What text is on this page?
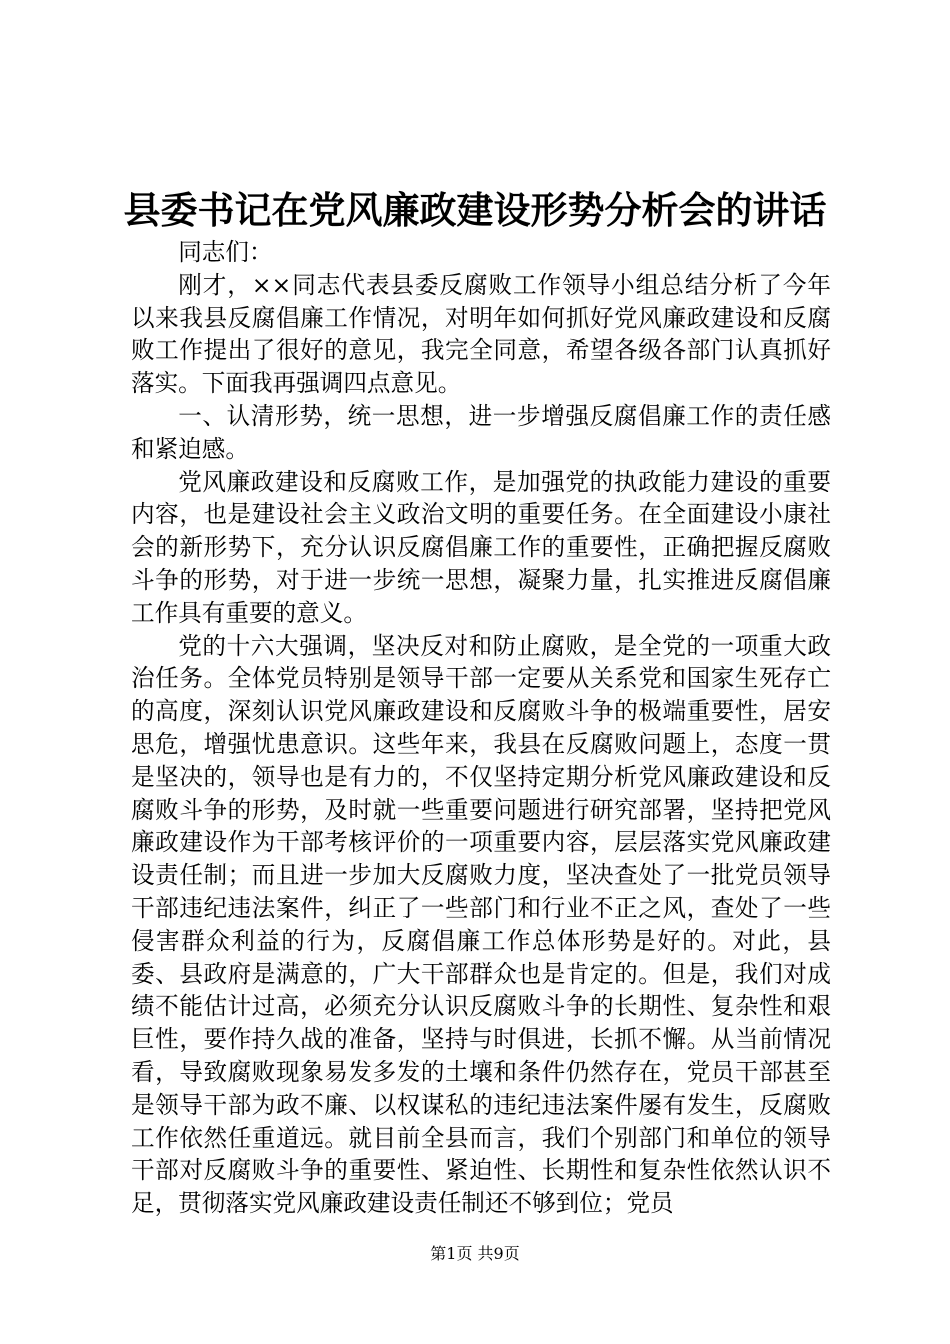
县委书记在党风廉政建设形势分析会的讲话

同志们：

刚才，××同志代表县委反腐败工作领导小组总结分析了今年以来我县反腐倡廉工作情况，对明年如何抓好党风廉政建设和反腐败工作提出了很好的意见，我完全同意，希望各级各部门认真抓好落实。下面我再强调四点意见。

一、认清形势，统一思想，进一步增强反腐倡廉工作的责任感和紧迫感。

党风廉政建设和反腐败工作，是加强党的执政能力建设的重要内容，也是建设社会主义政治文明的重要任务。在全面建设小康社会的新形势下，充分认识反腐倡廉工作的重要性，正确把握反腐败斗争的形势，对于进一步统一思想，凝聚力量，扎实推进反腐倡廉工作具有重要的意义。

党的十六大强调，坚决反对和防止腐败，是全党的一项重大政治任务。全体党员特别是领导干部一定要从关系党和国家生死存亡的高度，深刻认识党风廉政建设和反腐败斗争的极端重要性，居安思危，增强忧患意识。这些年来，我县在反腐败问题上，态度一贯是坚决的，领导也是有力的，不仅坚持定期分析党风廉政建设和反腐败斗争的形势，及时就一些重要问题进行研究部署，坚持把党风廉政建设作为干部考核评价的一项重要内容，层层落实党风廉政建设责任制；而且进一步加大反腐败力度，坚决查处了一批党员领导干部违纪违法案件，纠正了一些部门和行业不正之风，查处了一些侵害群众利益的行为，反腐倡廉工作总体形势是好的。对此，县委、县政府是满意的，广大干部群众也是肯定的。但是，我们对成绩不能估计过高，必须充分认识反腐败斗争的长期性、复杂性和艰巨性，要作持久战的准备，坚持与时俱进，长抓不懈。从当前情况看，导致腐败现象易发多发的土壤和条件仍然存在，党员干部甚至是领导干部为政不廉、以权谋私的违纪违法案件屡有发生，反腐败工作依然任重道远。就目前全县而言，我们个别部门和单位的领导干部对反腐败斗争的重要性、紧迫性、长期性和复杂性依然认识不足，贯彻落实党风廉政建设责任制还不够到位；党员

第1页 共9页
